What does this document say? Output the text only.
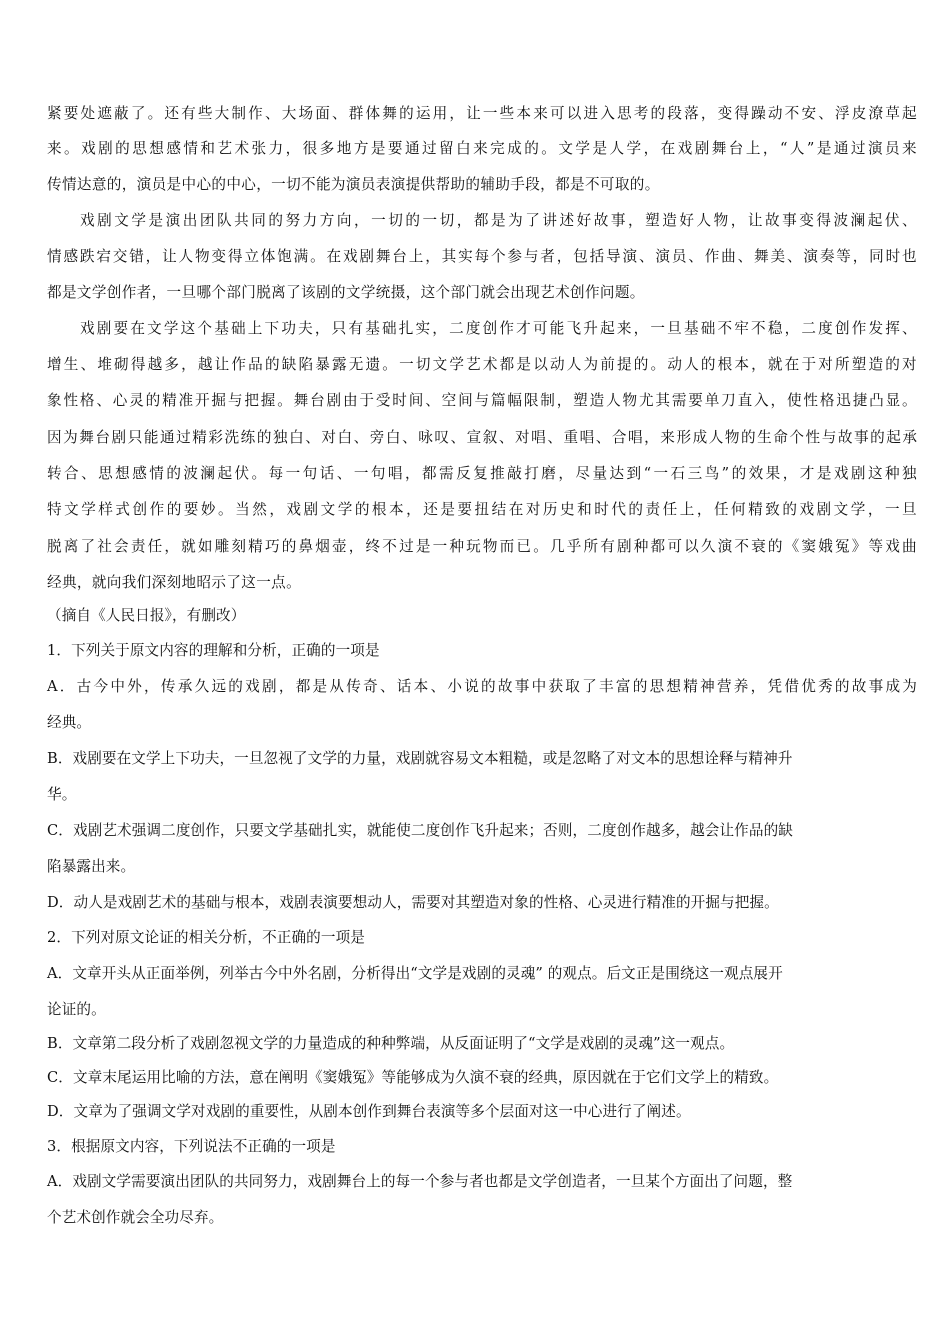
紧要处遮蔽了。还有些大制作、大场面、群体舞的运用，让一些本来可以进入思考的段落，变得躁动不安、浮皮潦草起
来。戏剧的思想感情和艺术张力，很多地方是要通过留白来完成的。文学是人学，在戏剧舞台上，“人”是通过演员来
传情达意的，演员是中心的中心，一切不能为演员表演提供帮助的辅助手段，都是不可取的。
戏剧文学是演出团队共同的努力方向，一切的一切，都是为了讲述好故事，塑造好人物，让故事变得波澜起伏、
情感跌宕交错，让人物变得立体饱满。在戏剧舞台上，其实每个参与者，包括导演、演员、作曲、舞美、演奏等，同时也
都是文学创作者，一旦哪个部门脱离了该剧的文学统摄，这个部门就会出现艺术创作问题。
戏剧要在文学这个基础上下功夫，只有基础扎实，二度创作才可能飞升起来，一旦基础不牢不稳，二度创作发挥、
增生、堆砌得越多，越让作品的缺陷暴露无遗。一切文学艺术都是以动人为前提的。动人的根本，就在于对所塑造的对
象性格、心灵的精准开掘与把握。舞台剧由于受时间、空间与篇幅限制，塑造人物尤其需要单刀直入，使性格迅捷凸显。
因为舞台剧只能通过精彩洗练的独白、对白、旁白、咏叹、宣叙、对唱、重唱、合唱，来形成人物的生命个性与故事的起承
转合、思想感情的波澜起伏。每一句话、一句唱，都需反复推敲打磨，尽量达到“一石三鸟”的效果，才是戏剧这种独
特文学样式创作的要妙。当然，戏剧文学的根本，还是要扭结在对历史和时代的责任上，任何精致的戏剧文学，一旦
脱离了社会责任，就如雕刻精巧的鼻烟壶，终不过是一种玩物而已。几乎所有剧种都可以久演不衰的《窦娥冤》等戏曲
经典，就向我们深刻地昭示了这一点。
（摘自《人民日报》，有删改）
1．下列关于原文内容的理解和分析，正确的一项是
A．古今中外，传承久远的戏剧，都是从传奇、话本、小说的故事中获取了丰富的思想精神营养，凭借优秀的故事成为
经典。
B．戏剧要在文学上下功夫，一旦忽视了文学的力量，戏剧就容易文本粗糙，或是忽略了对文本的思想诠释与精神升
华。
C．戏剧艺术强调二度创作，只要文学基础扎实，就能使二度创作飞升起来；否则，二度创作越多，越会让作品的缺
陷暴露出来。
D．动人是戏剧艺术的基础与根本，戏剧表演要想动人，需要对其塑造对象的性格、心灵进行精准的开掘与把握。
2．下列对原文论证的相关分析，不正确的一项是
A．文章开头从正面举例，列举古今中外名剧，分析得出“文学是戏剧的灵魂” 的观点。后文正是围绕这一观点展开
论证的。
B．文章第二段分析了戏剧忽视文学的力量造成的种种弊端，从反面证明了“文学是戏剧的灵魂”这一观点。
C．文章末尾运用比喻的方法，意在阐明《窦娥冤》等能够成为久演不衰的经典，原因就在于它们文学上的精致。
D．文章为了强调文学对戏剧的重要性，从剧本创作到舞台表演等多个层面对这一中心进行了阐述。
3．根据原文内容，下列说法不正确的一项是
A．戏剧文学需要演出团队的共同努力，戏剧舞台上的每一个参与者也都是文学创造者，一旦某个方面出了问题，整
个艺术创作就会全功尽弃。
